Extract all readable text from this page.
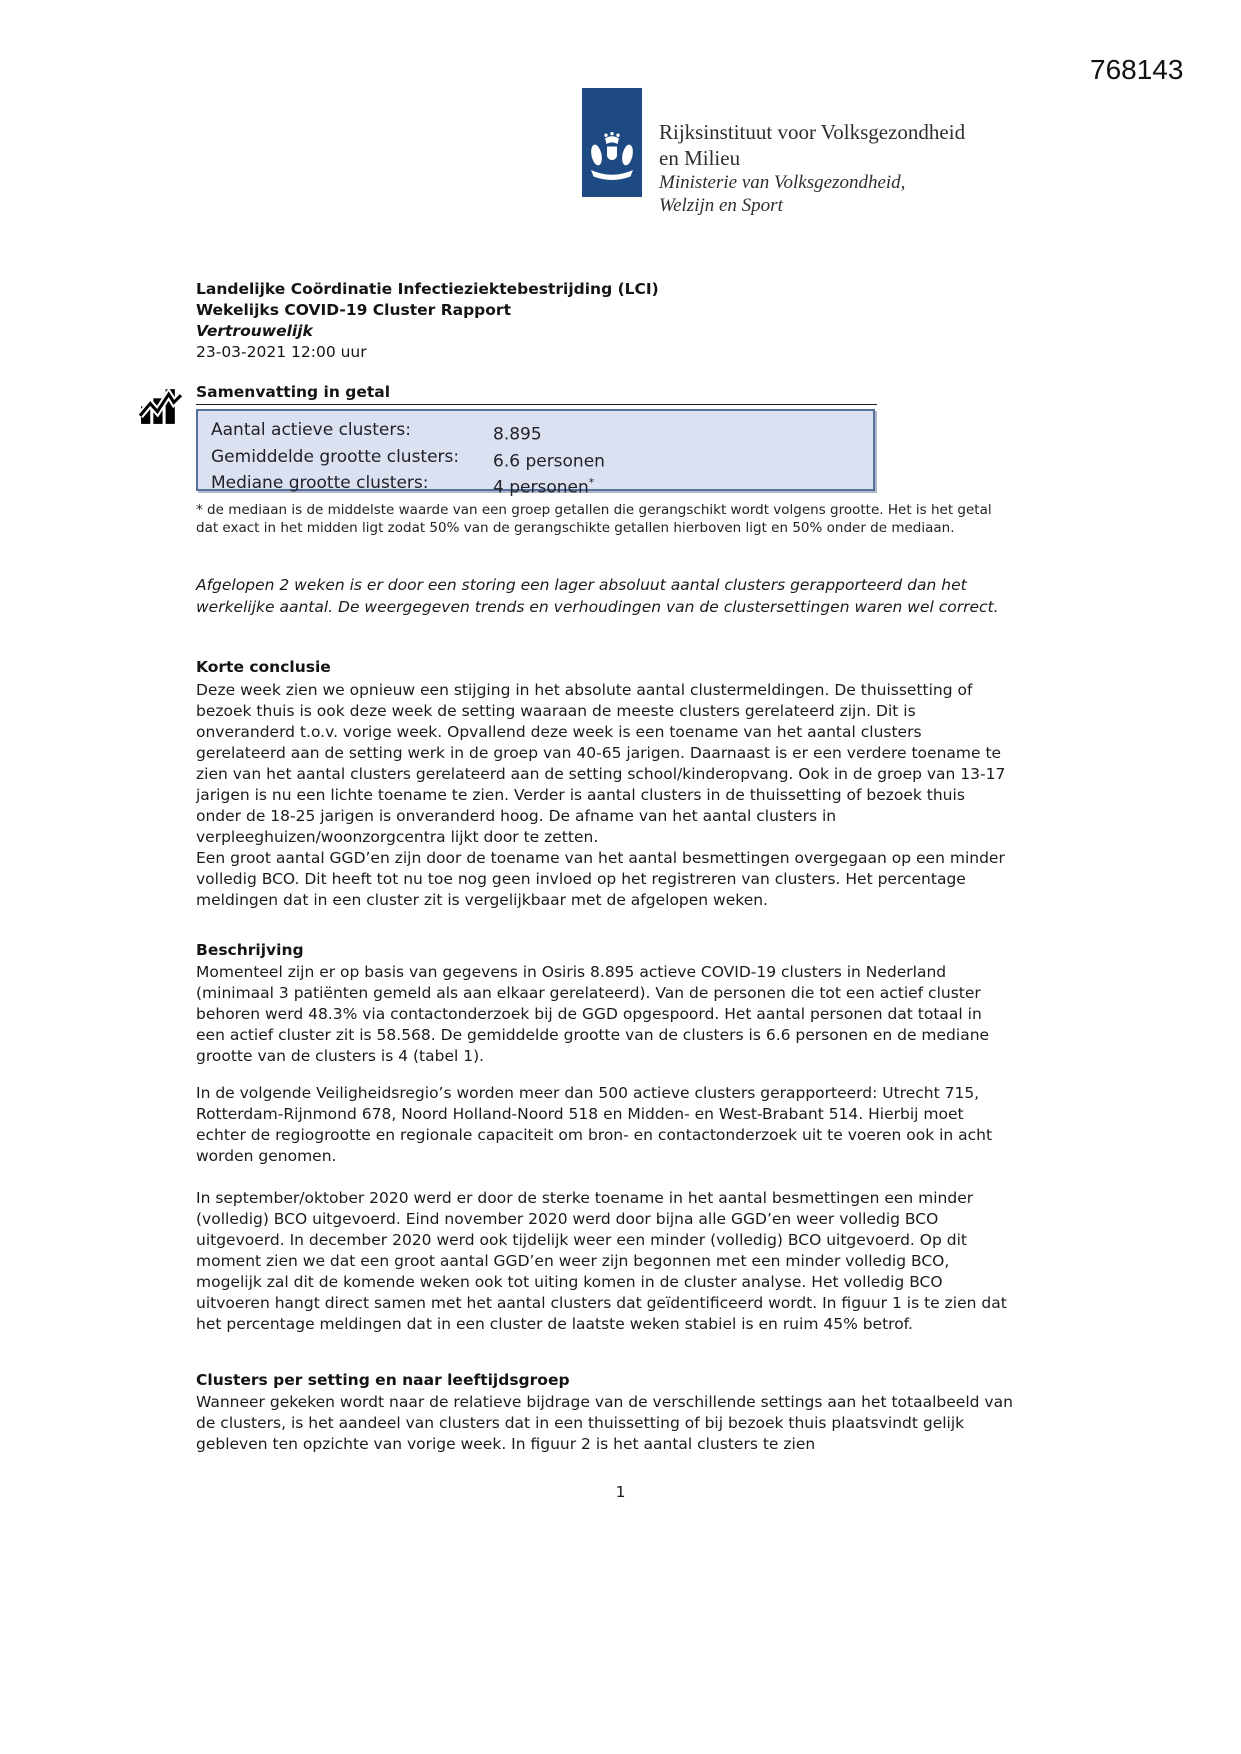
768143
Rijksinstituut voor Volksgezondheid
en Milieu
Ministerie van Volksgezondheid,
Welzijn en Sport
Landelijke Coördinatie Infectieziektebestrijding (LCI)
Wekelijks COVID-19 Cluster Rapport
Vertrouwelijk
23-03-2021 12:00 uur
Samenvatting in getal
Aantal actieve clusters:	8.895
Gemiddelde grootte clusters:	6.6 personen
Mediane grootte clusters:	4 personen*
* de mediaan is de middelste waarde van een groep getallen die gerangschikt wordt volgens grootte. Het is het getal dat exact in het midden ligt zodat 50% van de gerangschikte getallen hierboven ligt en 50% onder de mediaan.
Afgelopen 2 weken is er door een storing een lager absoluut aantal clusters gerapporteerd dan het werkelijke aantal. De weergegeven trends en verhoudingen van de clustersettingen waren wel correct.
Korte conclusie
Deze week zien we opnieuw een stijging in het absolute aantal clustermeldingen. De thuissetting of bezoek thuis is ook deze week de setting waaraan de meeste clusters gerelateerd zijn. Dit is onveranderd t.o.v. vorige week. Opvallend deze week is een toename van het aantal clusters gerelateerd aan de setting werk in de groep van 40-65 jarigen. Daarnaast is er een verdere toename te zien van het aantal clusters gerelateerd aan de setting school/kinderopvang. Ook in de groep van 13-17 jarigen is nu een lichte toename te zien. Verder is aantal clusters in de thuissetting of bezoek thuis onder de 18-25 jarigen is onveranderd hoog. De afname van het aantal clusters in verpleeghuizen/woonzorgcentra lijkt door te zetten.
Een groot aantal GGD’en zijn door de toename van het aantal besmettingen overgegaan op een minder volledig BCO. Dit heeft tot nu toe nog geen invloed op het registreren van clusters. Het percentage meldingen dat in een cluster zit is vergelijkbaar met de afgelopen weken.
Beschrijving
Momenteel zijn er op basis van gegevens in Osiris 8.895 actieve COVID-19 clusters in Nederland (minimaal 3 patiënten gemeld als aan elkaar gerelateerd). Van de personen die tot een actief cluster behoren werd 48.3% via contactonderzoek bij de GGD opgespoord. Het aantal personen dat totaal in een actief cluster zit is 58.568. De gemiddelde grootte van de clusters is 6.6 personen en de mediane grootte van de clusters is 4 (tabel 1).
In de volgende Veiligheidsregio’s worden meer dan 500 actieve clusters gerapporteerd: Utrecht 715, Rotterdam-Rijnmond 678, Noord Holland-Noord 518 en Midden- en West-Brabant 514. Hierbij moet echter de regiogrootte en regionale capaciteit om bron- en contactonderzoek uit te voeren ook in acht worden genomen.
In september/oktober 2020 werd er door de sterke toename in het aantal besmettingen een minder (volledig) BCO uitgevoerd. Eind november 2020 werd door bijna alle GGD’en weer volledig BCO uitgevoerd. In december 2020 werd ook tijdelijk weer een minder (volledig) BCO uitgevoerd. Op dit moment zien we dat een groot aantal GGD’en weer zijn begonnen met een minder volledig BCO, mogelijk zal dit de komende weken ook tot uiting komen in de cluster analyse. Het volledig BCO uitvoeren hangt direct samen met het aantal clusters dat geïdentificeerd wordt. In figuur 1 is te zien dat het percentage meldingen dat in een cluster de laatste weken stabiel is en ruim 45% betrof.
Clusters per setting en naar leeftijdsgroep
Wanneer gekeken wordt naar de relatieve bijdrage van de verschillende settings aan het totaalbeeld van de clusters, is het aandeel van clusters dat in een thuissetting of bij bezoek thuis plaatsvindt gelijk gebleven ten opzichte van vorige week. In figuur 2 is het aantal clusters te zien
1
